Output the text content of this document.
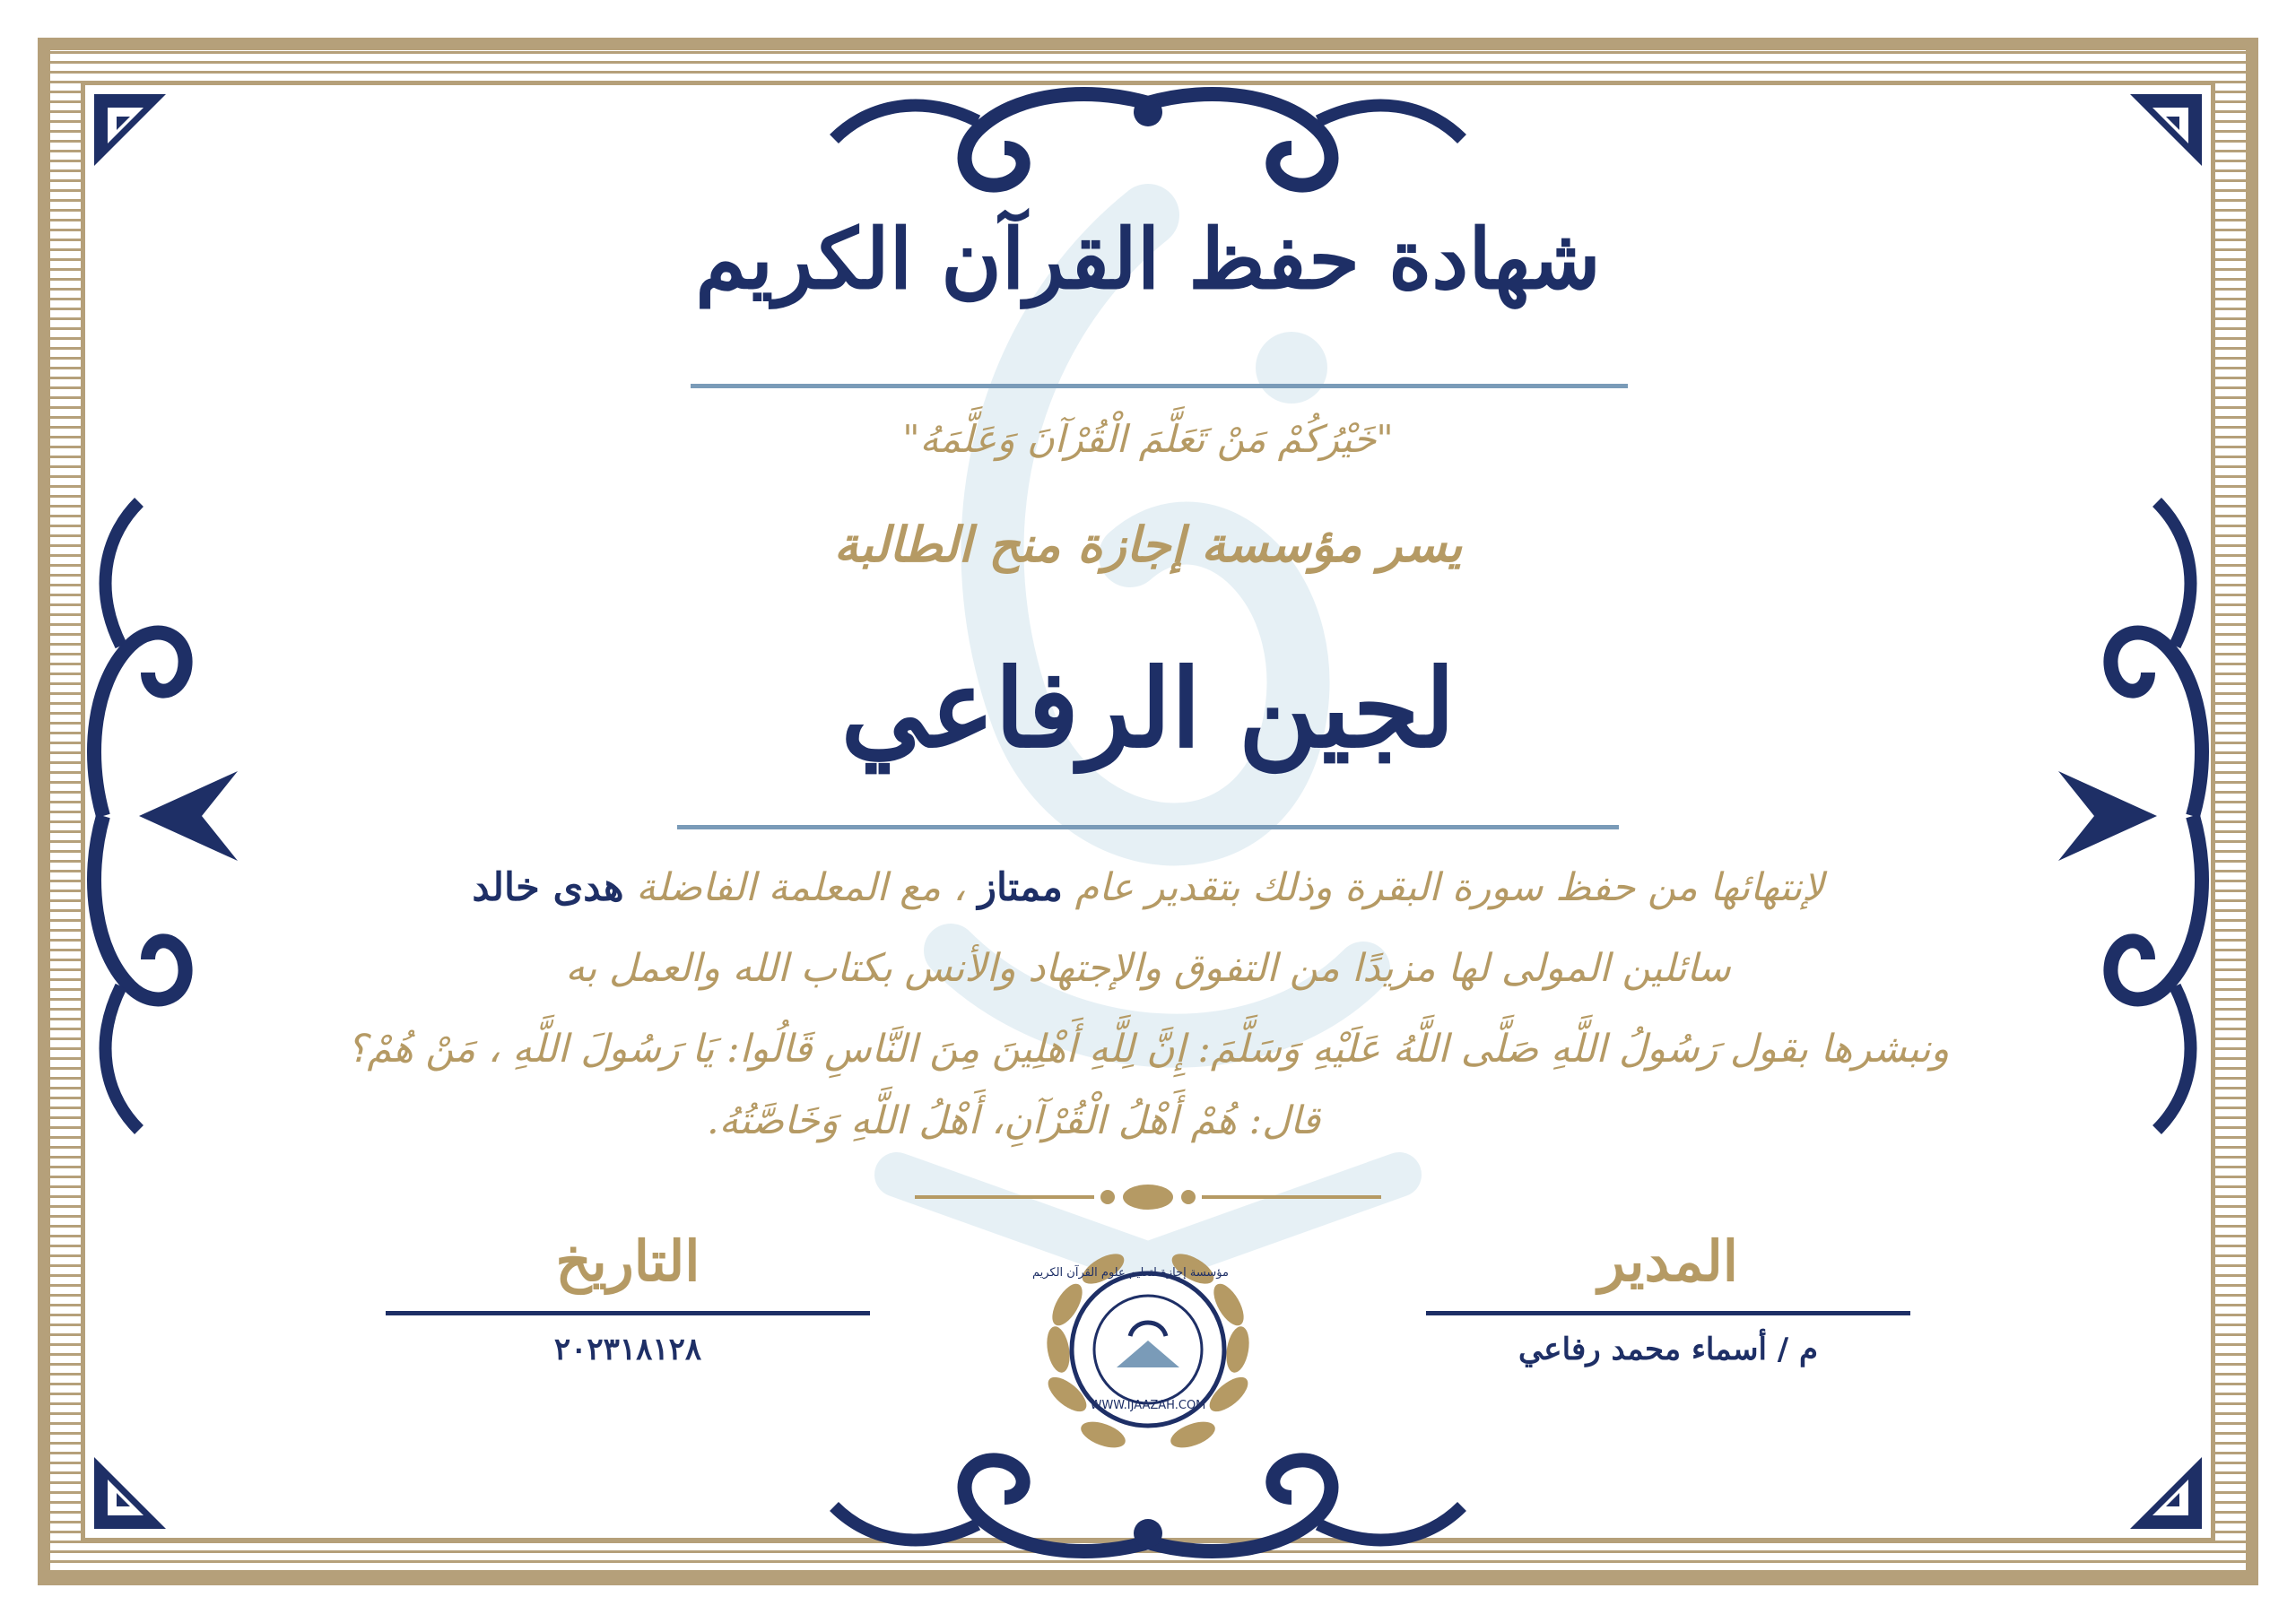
شهادة حفظ القرآن الكريم
"خَيْرُكُمْ مَنْ تَعَلَّمَ الْقُرْآنَ وَعَلَّمَهُ"
يسر مؤسسة إجازة منح الطالبة
لجين الرفاعي
لإنتهائها من حفظ سورة البقرة وذلك بتقدير عام ممتاز ، مع المعلمة الفاضلة هدى خالد
سائلين المولى لها مزيدًا من التفوق والإجتهاد والأنس بكتاب الله والعمل به
ونبشرها بقول رَسُولُ اللَّهِ صَلَّى اللَّهُ عَلَيْهِ وَسَلَّمَ: إِنَّ لِلَّهِ أَهْلِينَ مِنَ النَّاسِ قَالُوا: يَا رَسُولَ اللَّهِ ، مَنْ هُمْ؟
قال: هُمْ أَهْلُ الْقُرْآنِ، أَهْلُ اللَّهِ وَخَاصَّتُهُ.
التاريخ
٢٠٢٣١٨١٢٨
المدير
م / أسماء محمد رفاعي
WWW.IJAAZAH.COM
مؤسسة إجازة لتعليم علوم القرآن الكريم
